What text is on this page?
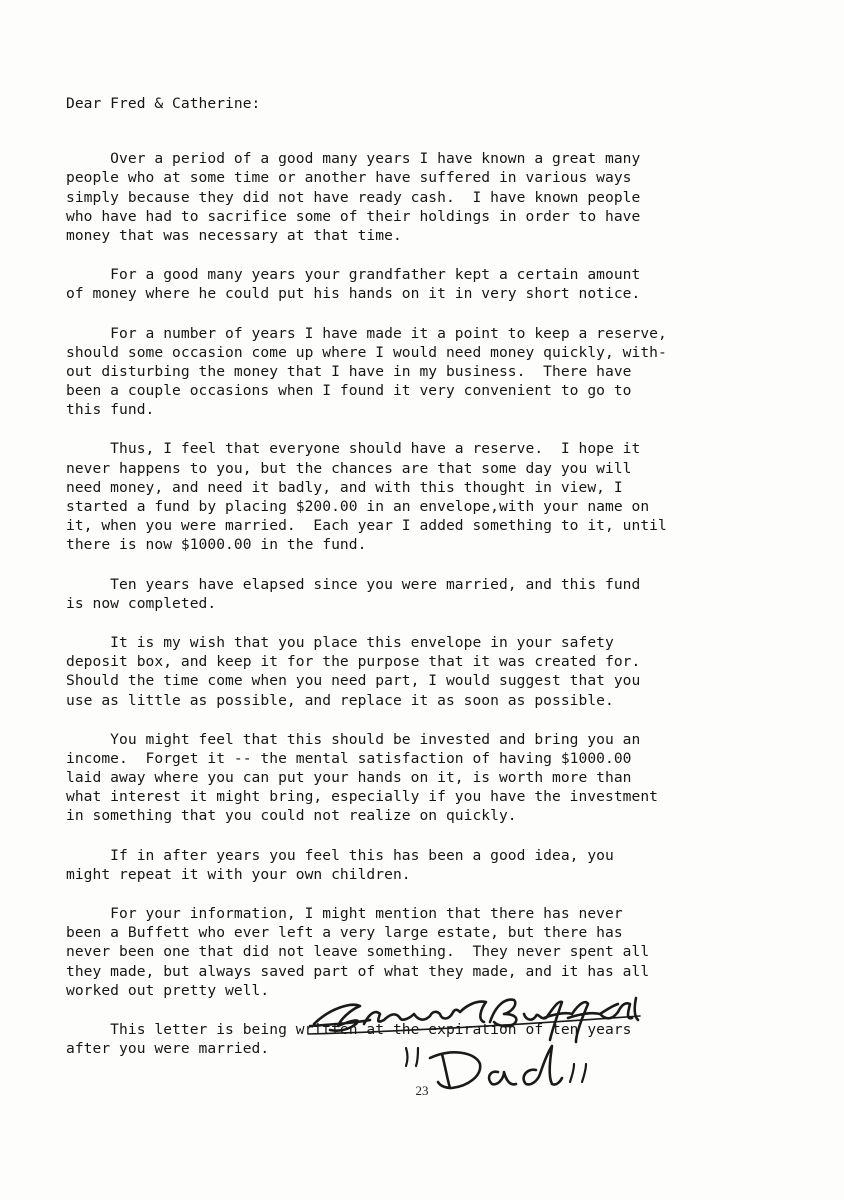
Dear Fred & Catherine:
Over a period of a good many years I have known a great many
people who at some time or another have suffered in various ways
simply because they did not have ready cash.  I have known people
who have had to sacrifice some of their holdings in order to have
money that was necessary at that time.
For a good many years your grandfather kept a certain amount
of money where he could put his hands on it in very short notice.
For a number of years I have made it a point to keep a reserve,
should some occasion come up where I would need money quickly, with-
out disturbing the money that I have in my business.  There have
been a couple occasions when I found it very convenient to go to
this fund.
Thus, I feel that everyone should have a reserve.  I hope it
never happens to you, but the chances are that some day you will
need money, and need it badly, and with this thought in view, I
started a fund by placing $200.00 in an envelope,with your name on
it, when you were married.  Each year I added something to it, until
there is now $1000.00 in the fund.
Ten years have elapsed since you were married, and this fund
is now completed.
It is my wish that you place this envelope in your safety
deposit box, and keep it for the purpose that it was created for.
Should the time come when you need part, I would suggest that you
use as little as possible, and replace it as soon as possible.
You might feel that this should be invested and bring you an
income.  Forget it -- the mental satisfaction of having $1000.00
laid away where you can put your hands on it, is worth more than
what interest it might bring, especially if you have the investment
in something that you could not realize on quickly.
If in after years you feel this has been a good idea, you
might repeat it with your own children.
For your information, I might mention that there has never
been a Buffett who ever left a very large estate, but there has
never been one that did not leave something.  They never spent all
they made, but always saved part of what they made, and it has all
worked out pretty well.
This letter is being written at the expiration of ten years
after you were married.
23
